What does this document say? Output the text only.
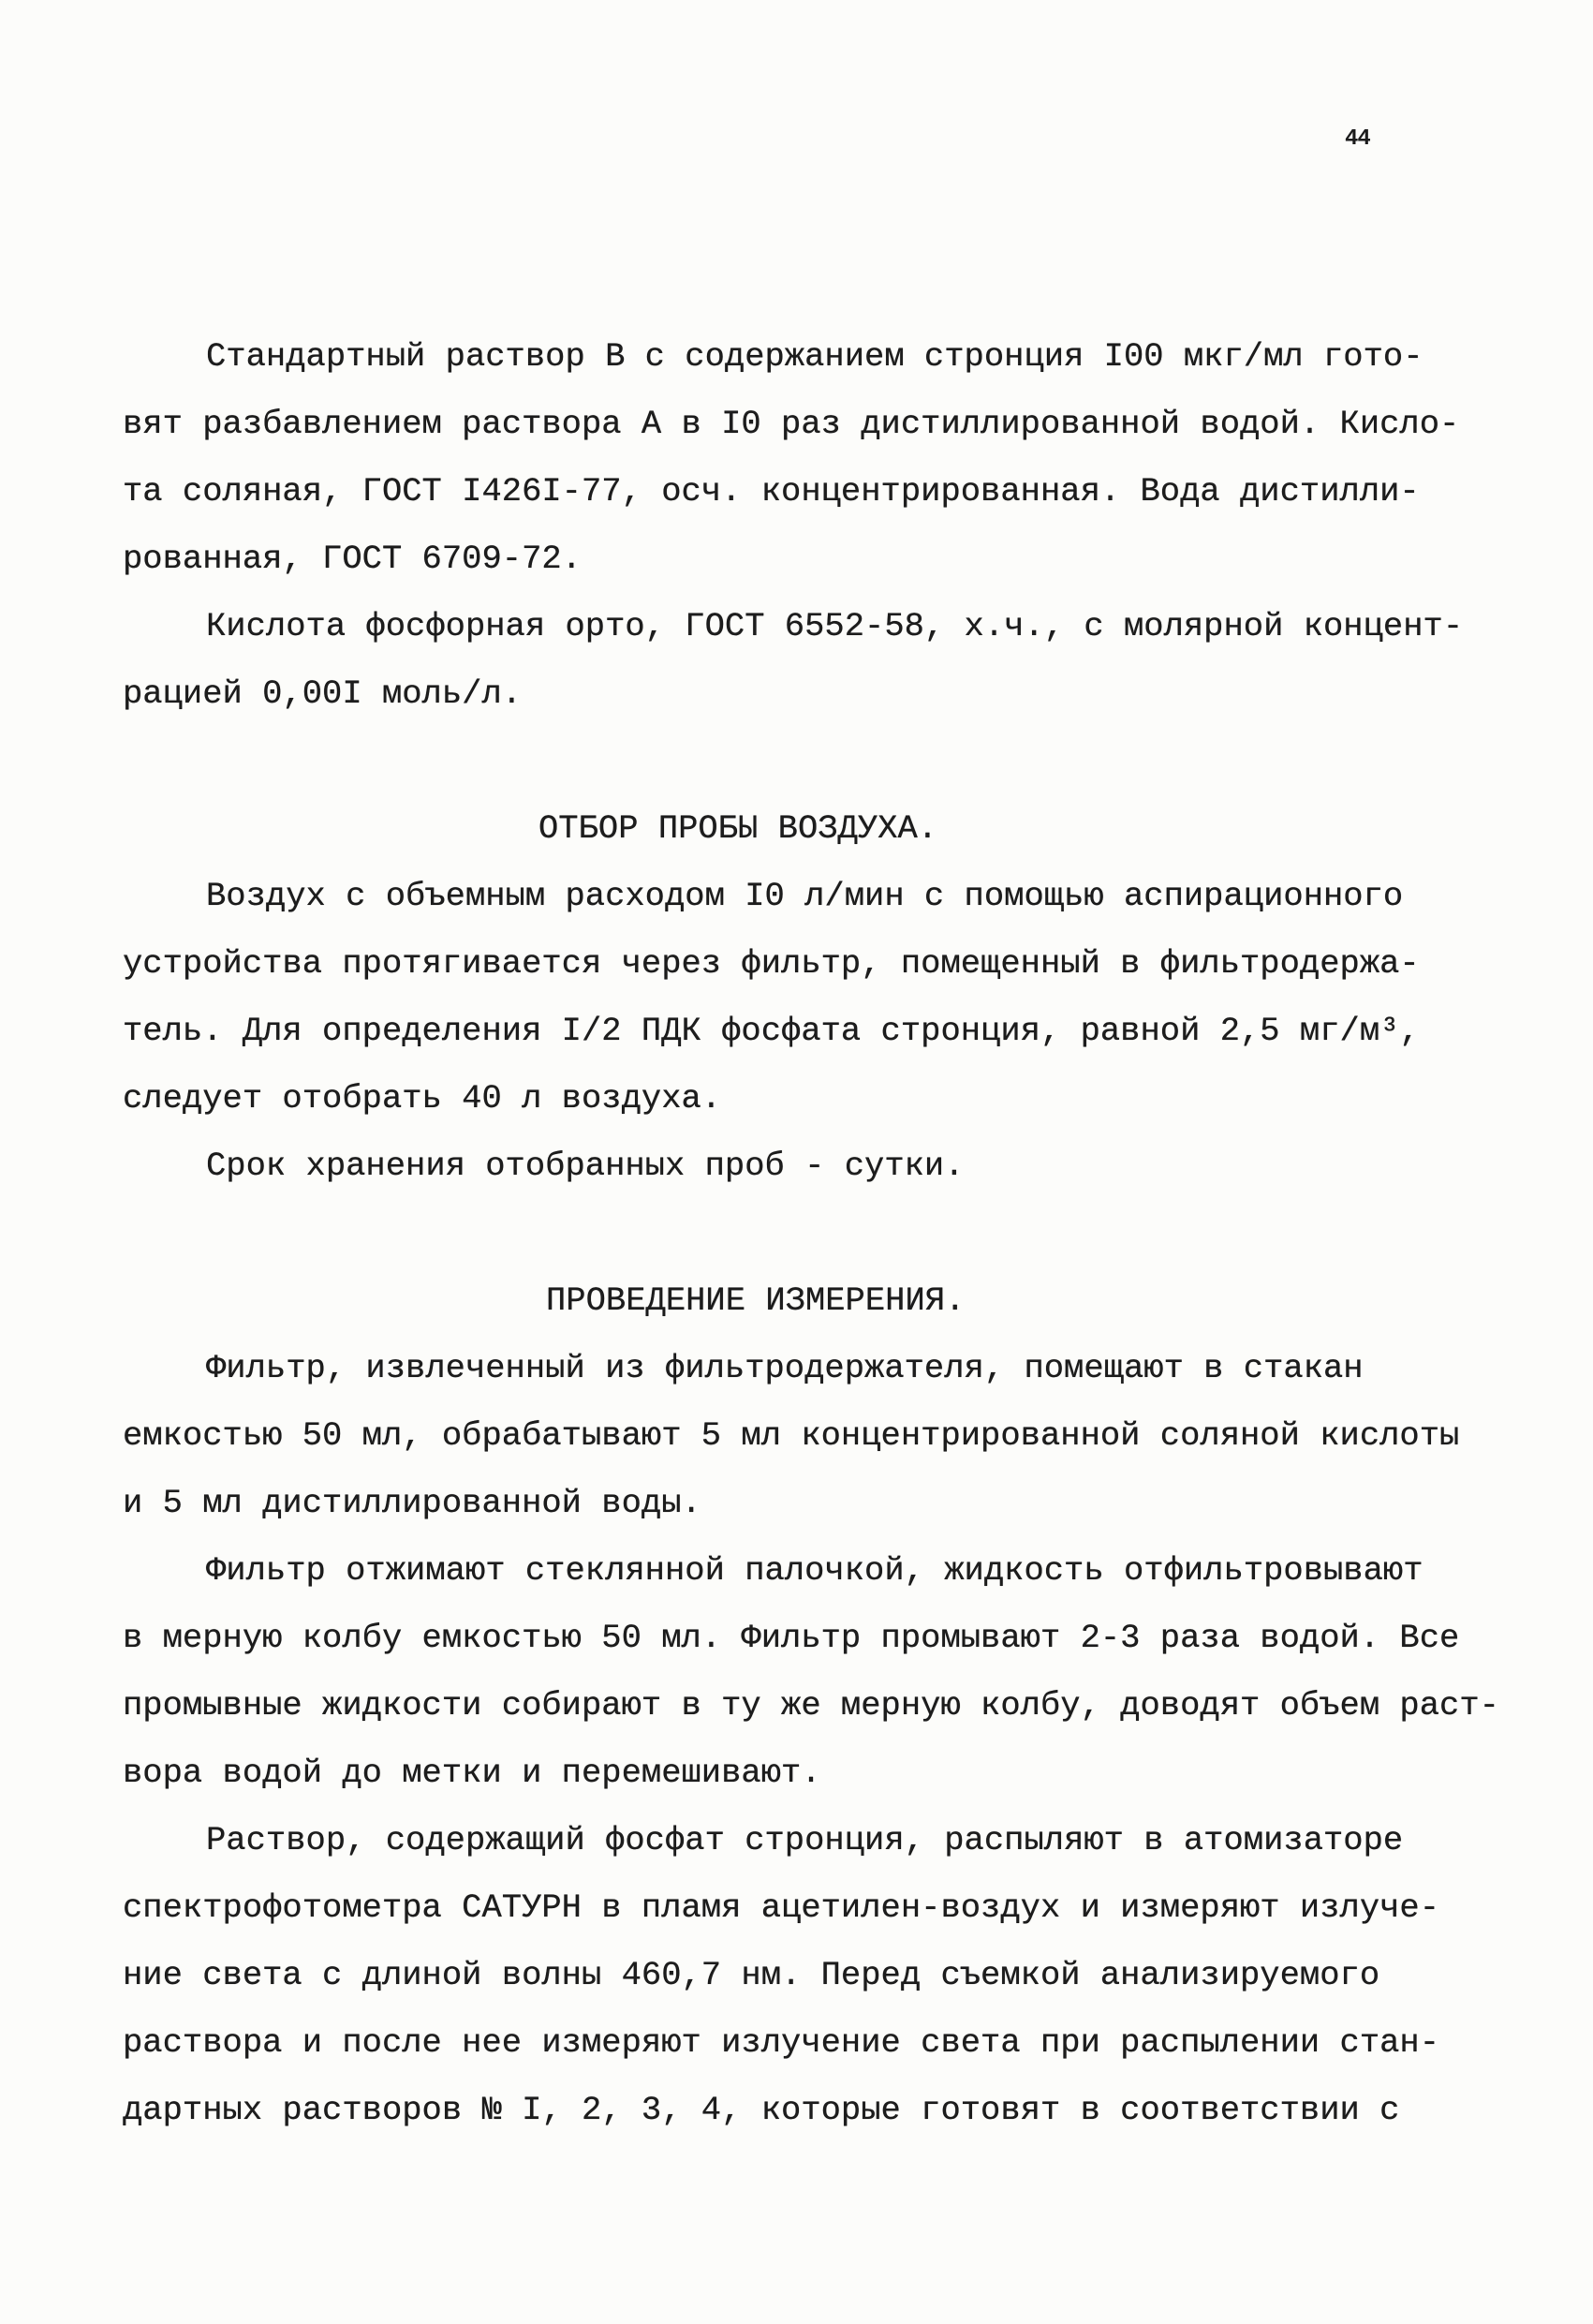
44
Стандартный раствор В с содержанием стронция I00 мкг/мл гото-
вят разбавлением раствора А в I0 раз дистиллированной водой. Кисло-
та соляная, ГОСТ I426I-77, осч. концентрированная. Вода дистилли-
рованная, ГОСТ 6709-72.
Кислота фосфорная орто, ГОСТ 6552-58, х.ч., с молярной концент-
рацией 0,00I моль/л.
ОТБОР ПРОБЫ ВОЗДУХА.
Воздух с объемным расходом I0 л/мин с помощью аспирационного
устройства протягивается через фильтр, помещенный в фильтродержа-
тель. Для определения I/2 ПДК фосфата стронция, равной 2,5 мг/м³,
следует отобрать 40 л воздуха.
Срок хранения отобранных проб - сутки.
ПРОВЕДЕНИЕ ИЗМЕРЕНИЯ.
Фильтр, извлеченный из фильтродержателя, помещают в стакан
емкостью 50 мл, обрабатывают 5 мл концентрированной соляной кислоты
и 5 мл дистиллированной воды.
Фильтр отжимают стеклянной палочкой, жидкость отфильтровывают
в мерную колбу емкостью 50 мл. Фильтр промывают 2-3 раза водой. Все
промывные жидкости собирают в ту же мерную колбу, доводят объем раст-
вора водой до метки и перемешивают.
Раствор, содержащий фосфат стронция, распыляют в атомизаторе
спектрофотометра САТУРН в пламя ацетилен-воздух и измеряют излуче-
ние света с длиной волны 460,7 нм. Перед съемкой анализируемого
раствора и после нее измеряют излучение света при распылении стан-
дартных растворов № I, 2, 3, 4, которые готовят в соответствии с
